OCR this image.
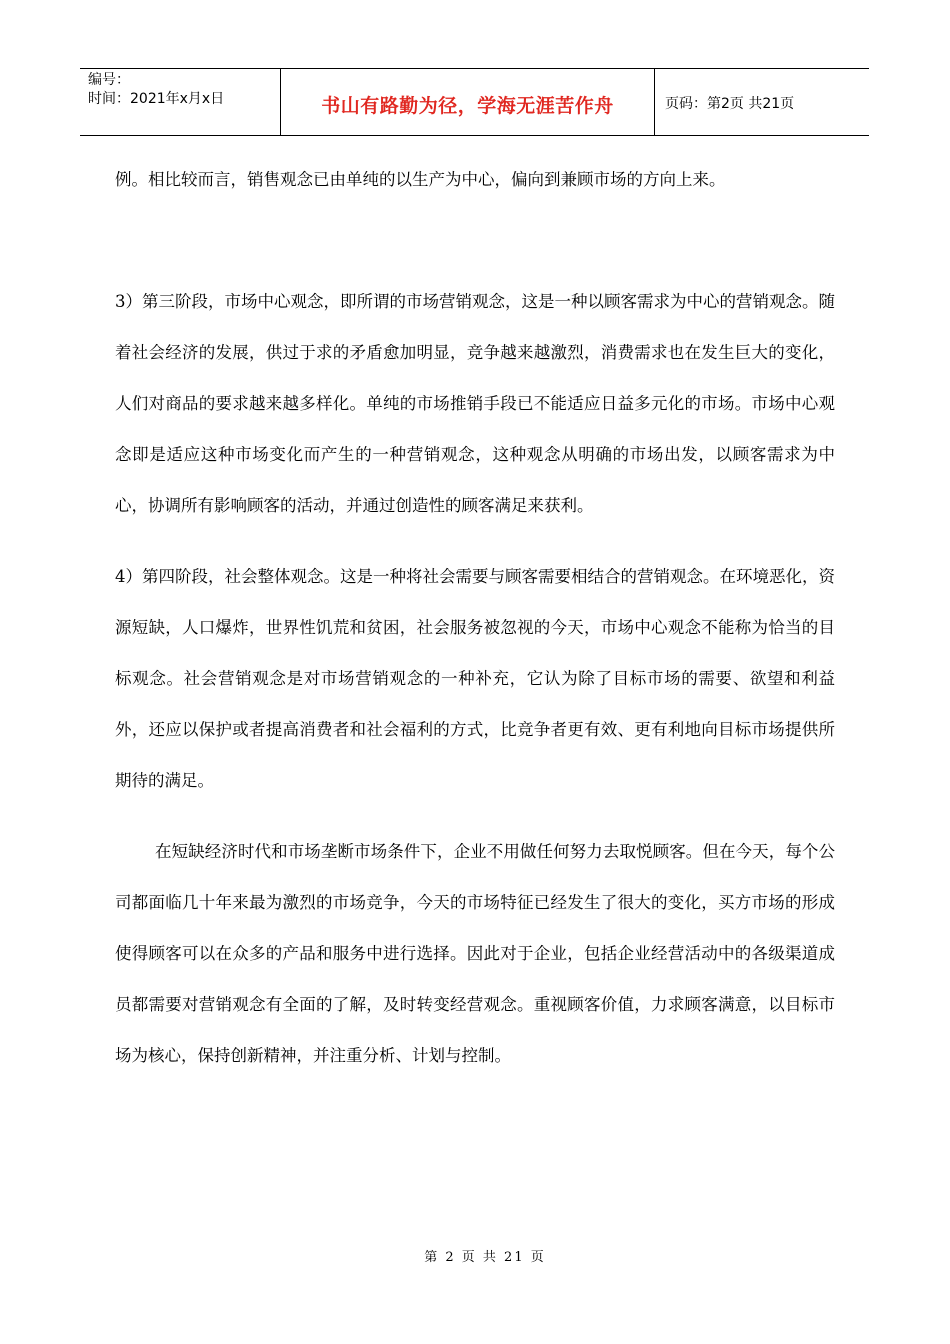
编号：
时间：2021年x月x日	书山有路勤为径，学海无涯苦作舟	页码：第2页 共21页

例。相比较而言，销售观念已由单纯的以生产为中心，偏向到兼顾市场的方向上来。

3）第三阶段，市场中心观念，即所谓的市场营销观念，这是一种以顾客需求为中心的营销观念。随着社会经济的发展，供过于求的矛盾愈加明显，竞争越来越激烈，消费需求也在发生巨大的变化，人们对商品的要求越来越多样化。单纯的市场推销手段已不能适应日益多元化的市场。市场中心观念即是适应这种市场变化而产生的一种营销观念，这种观念从明确的市场出发，以顾客需求为中心，协调所有影响顾客的活动，并通过创造性的顾客满足来获利。

4）第四阶段，社会整体观念。这是一种将社会需要与顾客需要相结合的营销观念。在环境恶化，资源短缺，人口爆炸，世界性饥荒和贫困，社会服务被忽视的今天，市场中心观念不能称为恰当的目标观念。社会营销观念是对市场营销观念的一种补充，它认为除了目标市场的需要、欲望和利益外，还应以保护或者提高消费者和社会福利的方式，比竞争者更有效、更有利地向目标市场提供所期待的满足。

在短缺经济时代和市场垄断市场条件下，企业不用做任何努力去取悦顾客。但在今天，每个公司都面临几十年来最为激烈的市场竞争，今天的市场特征已经发生了很大的变化，买方市场的形成使得顾客可以在众多的产品和服务中进行选择。因此对于企业，包括企业经营活动中的各级渠道成员都需要对营销观念有全面的了解，及时转变经营观念。重视顾客价值，力求顾客满意，以目标市场为核心，保持创新精神，并注重分析、计划与控制。

第 2 页 共 21 页
